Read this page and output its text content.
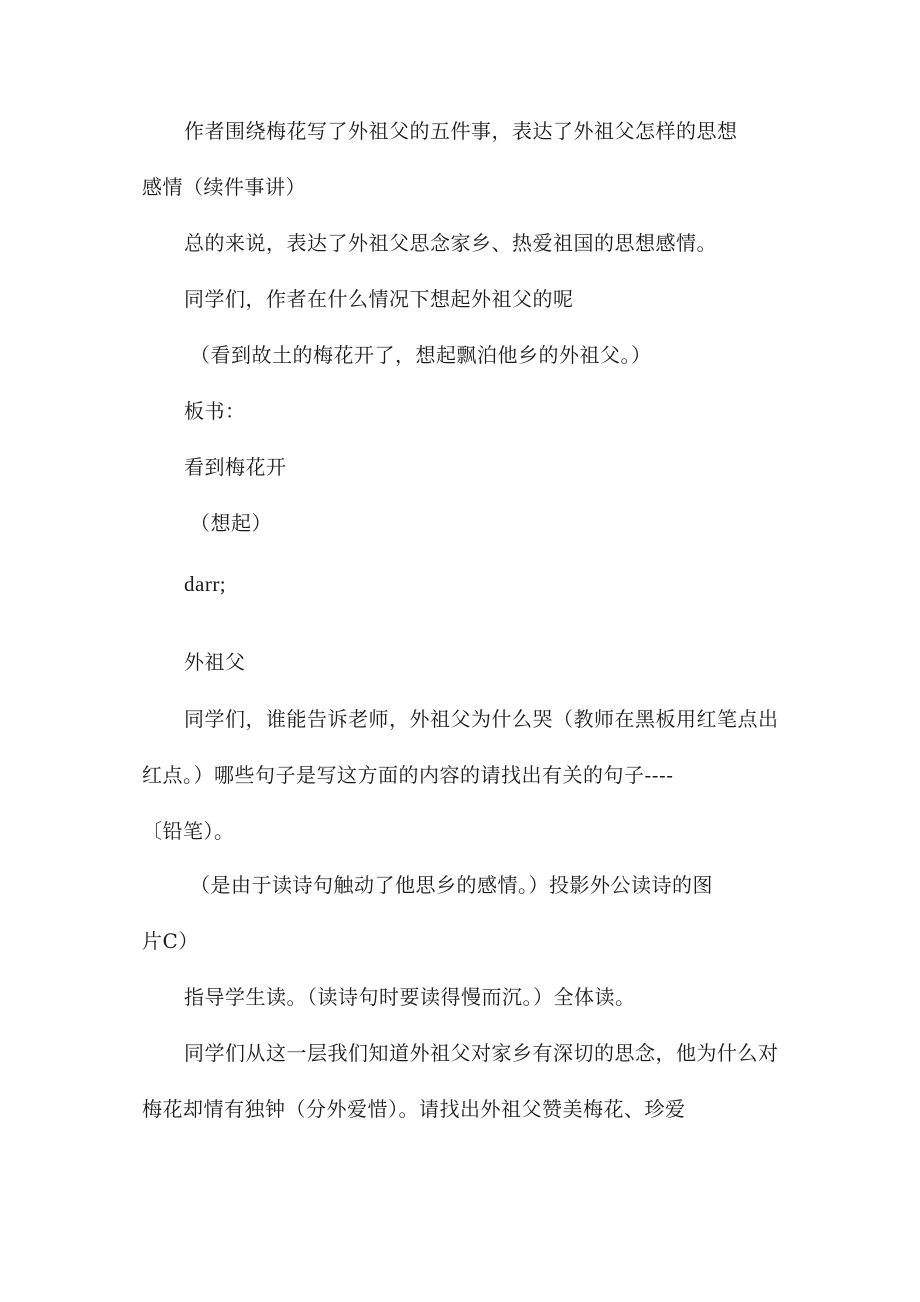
作者围绕梅花写了外祖父的五件事，表达了外祖父怎样的思想
感情（续件事讲）
总的来说，表达了外祖父思念家乡、热爱祖国的思想感情。
同学们，作者在什么情况下想起外祖父的呢
（看到故土的梅花开了，想起飘泊他乡的外祖父。）
板书：
看到梅花开
（想起）
darr;
外祖父
同学们，谁能告诉老师，外祖父为什么哭（教师在黑板用红笔点出
红点。）哪些句子是写这方面的内容的请找出有关的句子----
〔铅笔）。
（是由于读诗句触动了他思乡的感情。）投影外公读诗的图
片C）
指导学生读。（读诗句时要读得慢而沉。）全体读。
同学们从这一层我们知道外祖父对家乡有深切的思念，他为什么对
梅花却情有独钟（分外爱惜）。请找出外祖父赞美梅花、珍爱
